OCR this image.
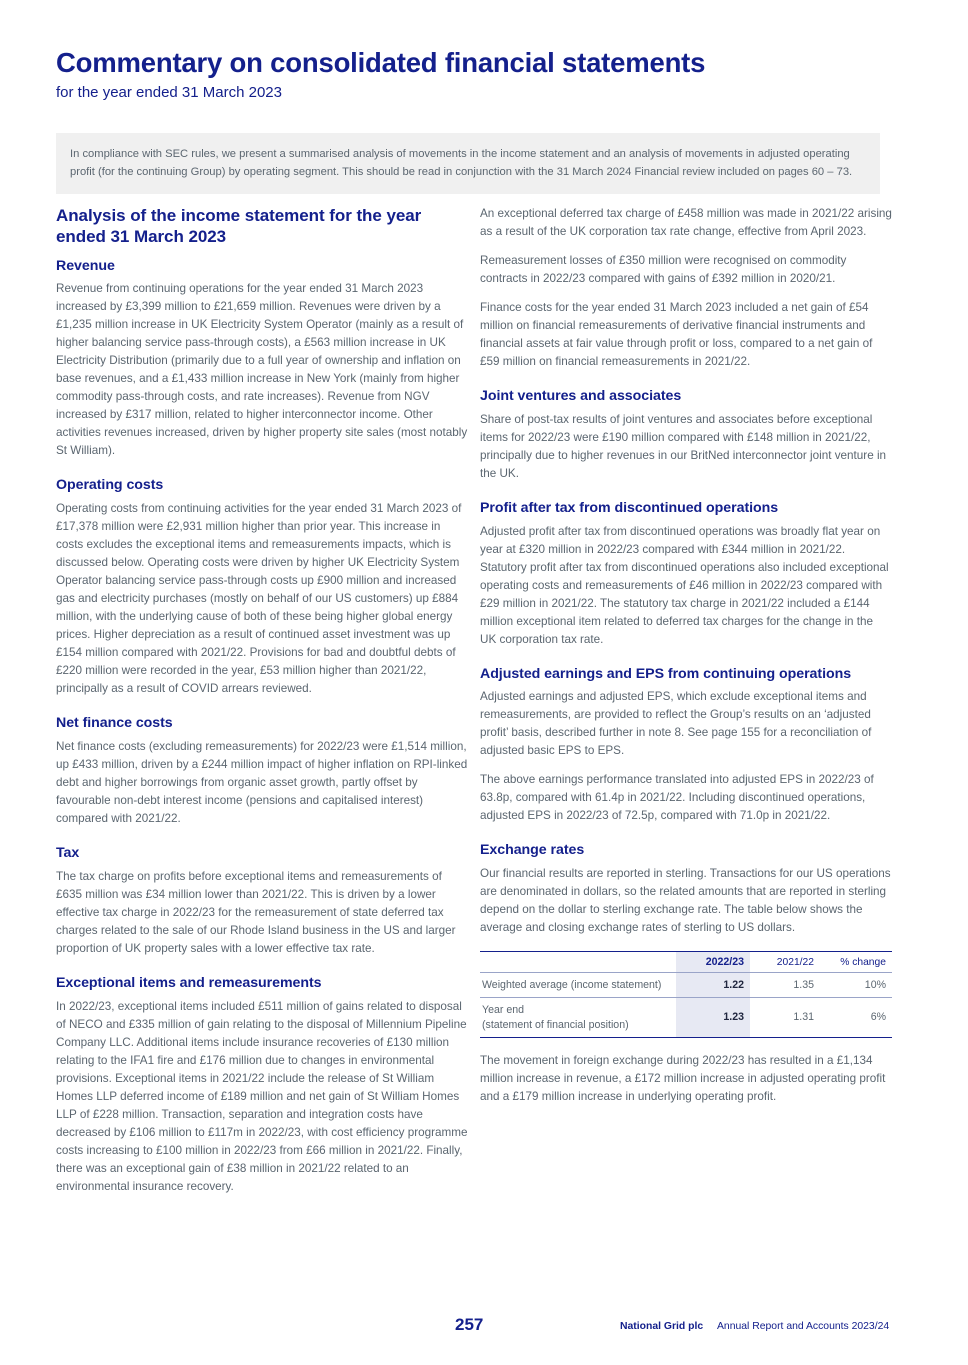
Commentary on consolidated financial statements
for the year ended 31 March 2023

In compliance with SEC rules, we present a summarised analysis of movements in the income statement and an analysis of movements in adjusted operating profit (for the continuing Group) by operating segment. This should be read in conjunction with the 31 March 2024 Financial review included on pages 60 – 73.

Analysis of the income statement for the year ended 31 March 2023
Revenue

Revenue from continuing operations for the year ended 31 March 2023 increased by £3,399 million to £21,659 million. Revenues were driven by a £1,235 million increase in UK Electricity System Operator (mainly as a result of higher balancing service pass-through costs), a £563 million increase in UK Electricity Distribution (primarily due to a full year of ownership and inflation on base revenues, and a £1,433 million increase in New York (mainly from higher commodity pass-through costs, and rate increases). Revenue from NGV increased by £317 million, related to higher interconnector income. Other activities revenues increased, driven by higher property site sales (most notably St William).

Operating costs

Operating costs from continuing activities for the year ended 31 March 2023 of £17,378 million were £2,931 million higher than prior year. This increase in costs excludes the exceptional items and remeasurements impacts, which is discussed below. Operating costs were driven by higher UK Electricity System Operator balancing service pass-through costs up £900 million and increased gas and electricity purchases (mostly on behalf of our US customers) up £884 million, with the underlying cause of both of these being higher global energy prices. Higher depreciation as a result of continued asset investment was up £154 million compared with 2021/22. Provisions for bad and doubtful debts of £220 million were recorded in the year, £53 million higher than 2021/22, principally as a result of COVID arrears reviewed.

Net finance costs

Net finance costs (excluding remeasurements) for 2022/23 were £1,514 million, up £433 million, driven by a £244 million impact of higher inflation on RPI-linked debt and higher borrowings from organic asset growth, partly offset by favourable non-debt interest income (pensions and capitalised interest) compared with 2021/22.

Tax

The tax charge on profits before exceptional items and remeasurements of £635 million was £34 million lower than 2021/22. This is driven by a lower effective tax charge in 2022/23 for the remeasurement of state deferred tax charges related to the sale of our Rhode Island business in the US and larger proportion of UK property sales with a lower effective tax rate.

Exceptional items and remeasurements

In 2022/23, exceptional items included £511 million of gains related to disposal of NECO and £335 million of gain relating to the disposal of Millennium Pipeline Company LLC. Additional items include insurance recoveries of £130 million relating to the IFA1 fire and £176 million due to changes in environmental provisions. Exceptional items in 2021/22 include the release of St William Homes LLP deferred income of £189 million and net gain of St William Homes LLP of £228 million. Transaction, separation and integration costs have decreased by £106 million to £117m in 2022/23, with cost efficiency programme costs increasing to £100 million in 2022/23 from £66 million in 2021/22. Finally, there was an exceptional gain of £38 million in 2021/22 related to an environmental insurance recovery.

An exceptional deferred tax charge of £458 million was made in 2021/22 arising as a result of the UK corporation tax rate change, effective from April 2023.

Remeasurement losses of £350 million were recognised on commodity contracts in 2022/23 compared with gains of £392 million in 2020/21.

Finance costs for the year ended 31 March 2023 included a net gain of £54 million on financial remeasurements of derivative financial instruments and financial assets at fair value through profit or loss, compared to a net gain of £59 million on financial remeasurements in 2021/22.

Joint ventures and associates

Share of post-tax results of joint ventures and associates before exceptional items for 2022/23 were £190 million compared with £148 million in 2021/22, principally due to higher revenues in our BritNed interconnector joint venture in the UK.

Profit after tax from discontinued operations

Adjusted profit after tax from discontinued operations was broadly flat year on year at £320 million in 2022/23 compared with £344 million in 2021/22. Statutory profit after tax from discontinued operations also included exceptional operating costs and remeasurements of £46 million in 2022/23 compared with £29 million in 2021/22. The statutory tax charge in 2021/22 included a £144 million exceptional item related to deferred tax charges for the change in the UK corporation tax rate.

Adjusted earnings and EPS from continuing operations

Adjusted earnings and adjusted EPS, which exclude exceptional items and remeasurements, are provided to reflect the Group’s results on an ‘adjusted profit’ basis, described further in note 8. See page 155 for a reconciliation of adjusted basic EPS to EPS.

The above earnings performance translated into adjusted EPS in 2022/23 of 63.8p, compared with 61.4p in 2021/22. Including discontinued operations, adjusted EPS in 2022/23 of 72.5p, compared with 71.0p in 2021/22.

Exchange rates

Our financial results are reported in sterling. Transactions for our US operations are denominated in dollars, so the related amounts that are reported in sterling depend on the dollar to sterling exchange rate. The table below shows the average and closing exchange rates of sterling to US dollars.

	2022/23	2021/22	% change
Weighted average (income statement)	1.22	1.35	10%
Year end
(statement of financial position)	1.23	1.31	6%

The movement in foreign exchange during 2022/23 has resulted in a £1,134 million increase in revenue, a £172 million increase in adjusted operating profit and a £179 million increase in underlying operating profit.

257	National Grid plc Annual Report and Accounts 2023/24
